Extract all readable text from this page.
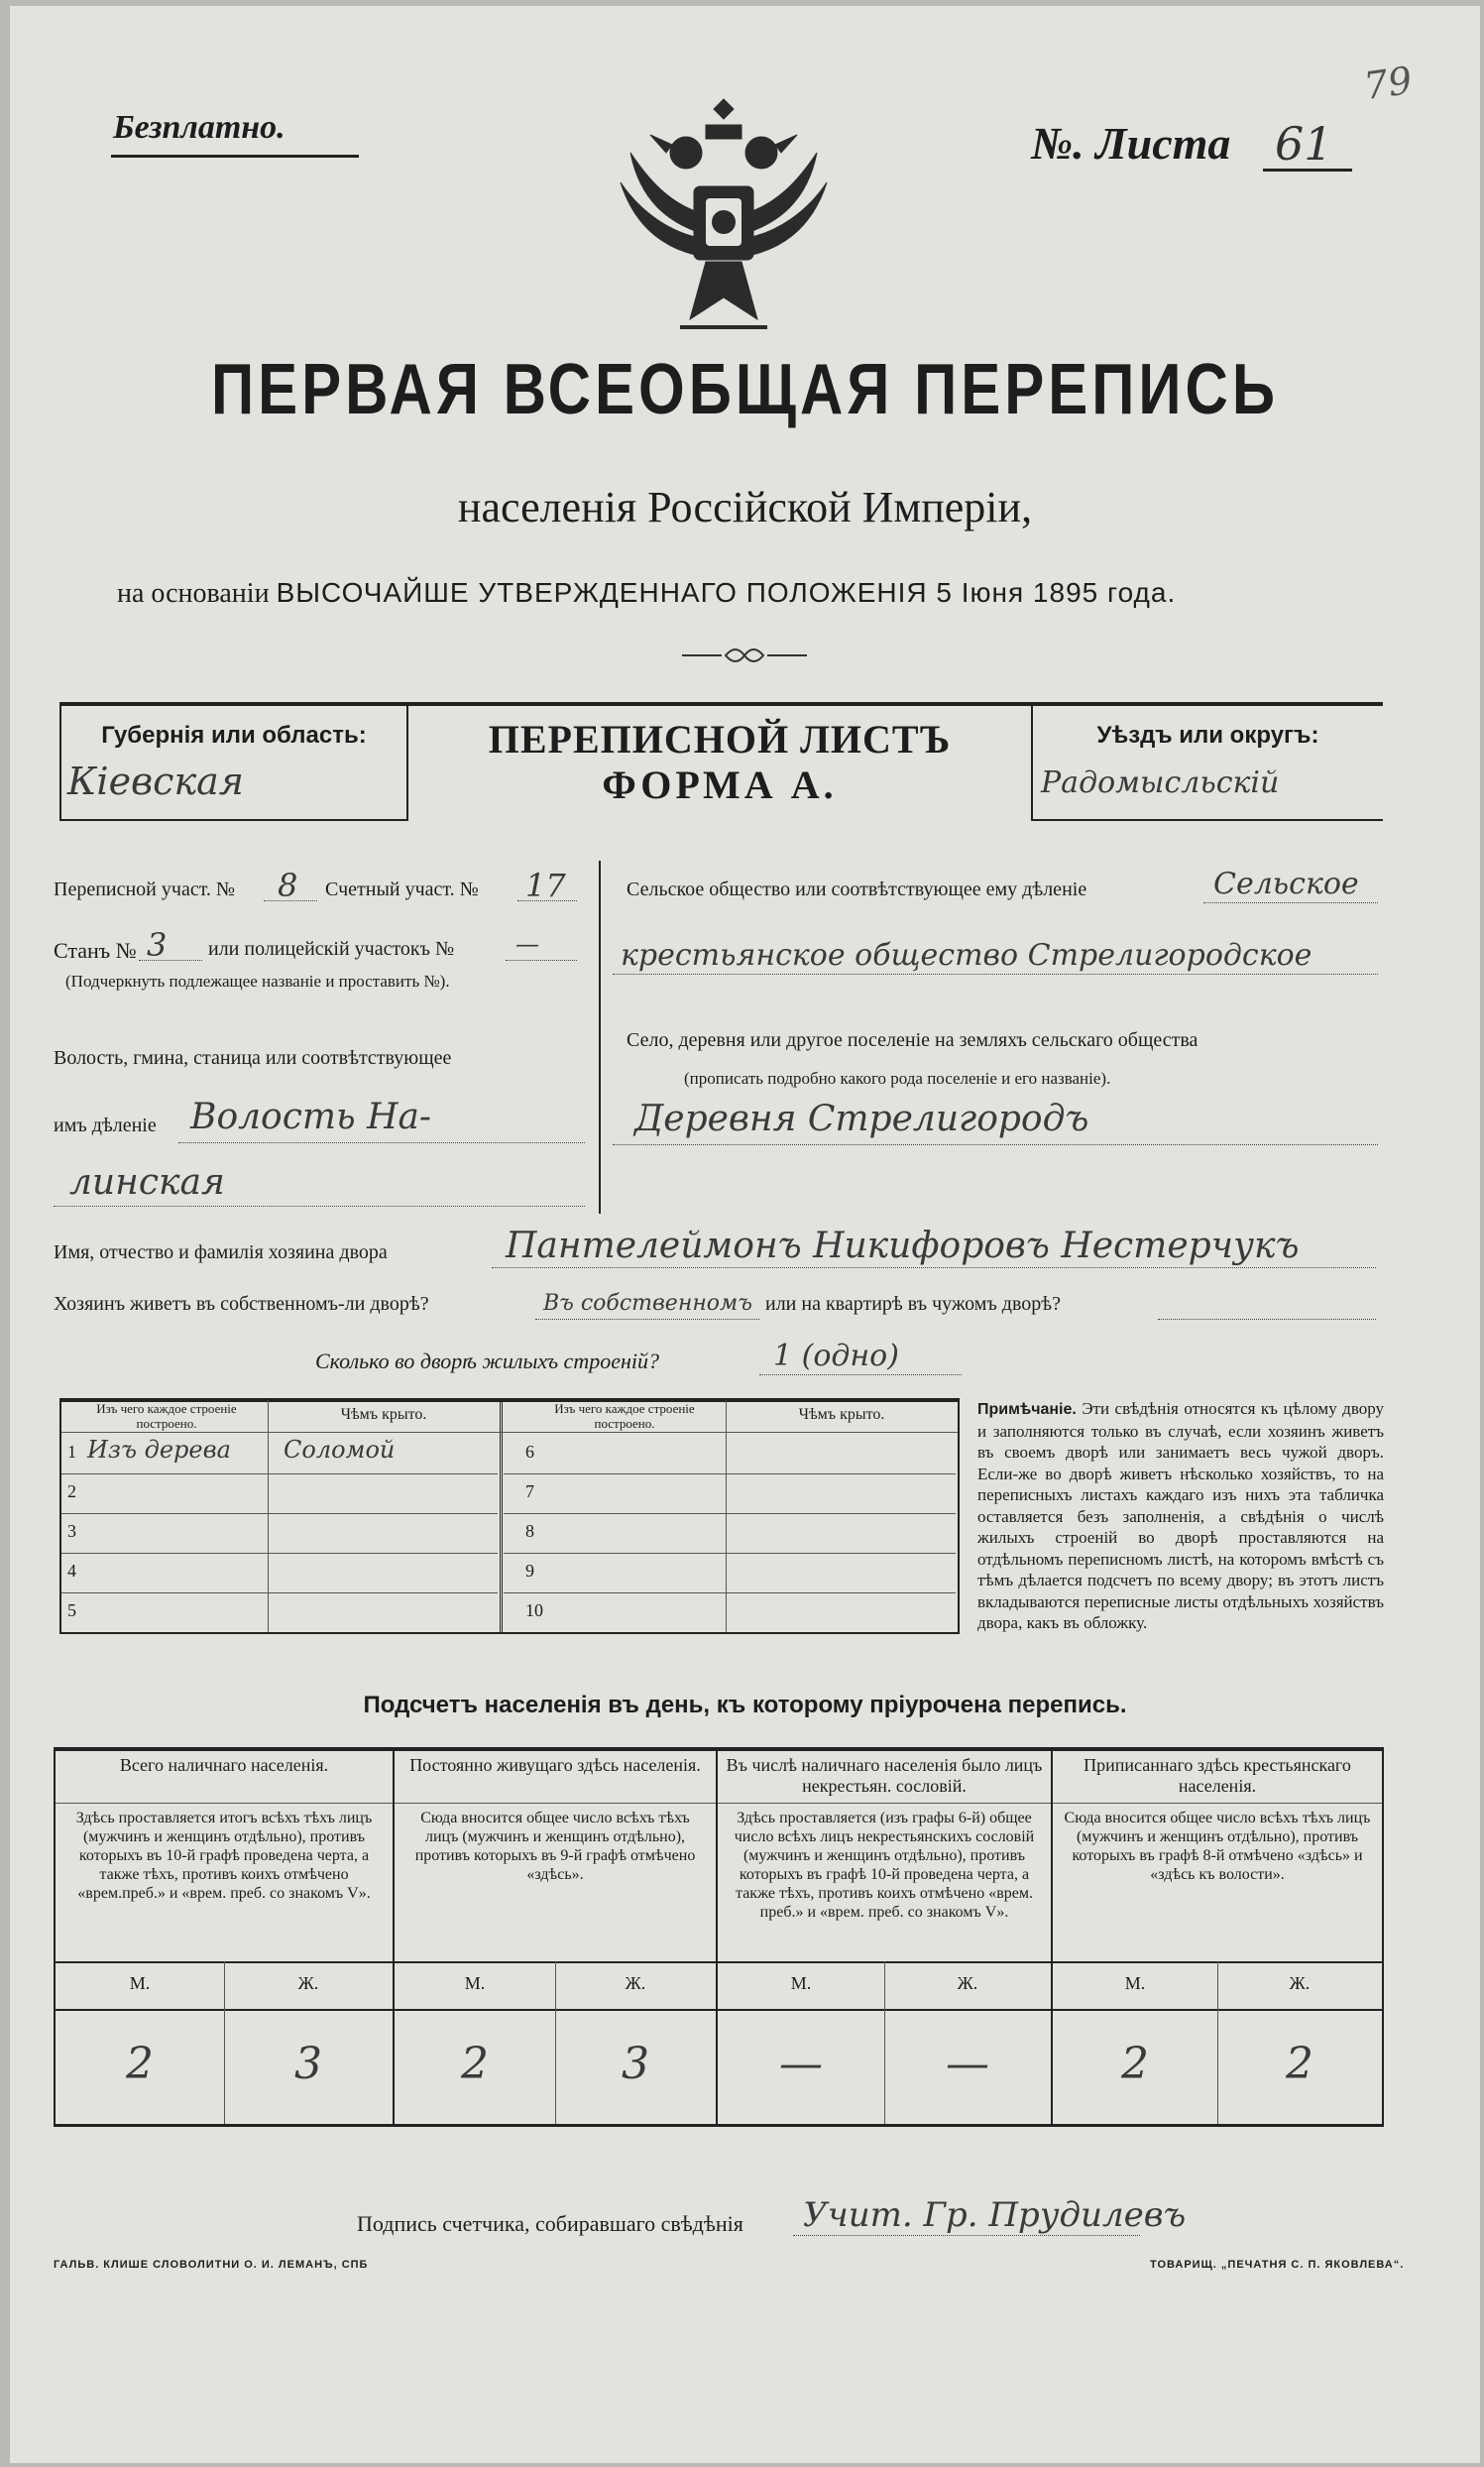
79
Безплатно.	№. Листа 61
ПЕРВАЯ ВСЕОБЩАЯ ПЕРЕПИСЬ
населенія Россійской Имперіи,
на основаніи ВЫСОЧАЙШЕ УТВЕРЖДЕННАГО ПОЛОЖЕНІЯ 5 Іюня 1895 года.
Губернія или область:
Кіевская
ПЕРЕПИСНОЙ ЛИСТЪ
ФОРМА А.
Уѣздъ или округъ:
Радомысльскій
Переписной участ. № 8 Счетный участ. № 17
Станъ № 3 или полицейскій участокъ №	—
(Подчеркнуть подлежащее названіе и проставить №).
Волость, гмина, станица или соотвѣтствующее
имъ дѣленіе Волость На-
линская
Сельское общество или соотвѣтствующее ему дѣленіе	Сельское
крестьянское общество Стрелигородское
Село, деревня или другое поселеніе на земляхъ сельскаго общества
(прописать подробно какого рода поселеніе и его названіе).
Деревня Стрелигородъ
Имя, отчество и фамилія хозяина двора	Пантелеймонъ Никифоровъ Нестерчукъ
Хозяинъ живетъ въ собственномъ-ли дворѣ?	Въ собственномъ или на квартирѣ въ чужомъ дворѣ?
Сколько во дворѣ жилыхъ строеній?	1 (одно)
Изъ чего каждое строеніе построено.
Чѣмъ крыто.	Изъ чего каждое строеніе построено.
Чѣмъ крыто.
1 Изъ дерева Соломой
2
3
4
5
6
7
8
9
10
Примѣчаніе. Эти свѣдѣнія относятся къ цѣлому двору и заполняются только въ случаѣ, если хозяинъ живетъ въ своемъ дворѣ или занимаетъ весь чужой дворъ. Если-же во дворѣ живетъ нѣсколько хозяйствъ, то на переписныхъ листахъ каждаго изъ нихъ эта табличка оставляется безъ заполненія, а свѣдѣнія о числѣ жилыхъ строеній во дворѣ проставляются на отдѣльномъ переписномъ листѣ, на которомъ вмѣстѣ съ тѣмъ дѣлается подсчетъ по всему двору; въ этотъ листъ вкладываются переписные листы отдѣльныхъ хозяйствъ двора, какъ въ обложку.
Подсчетъ населенія въ день, къ которому пріурочена перепись.
Всего наличнаго населенія.
Здѣсь проставляется итогъ всѣхъ тѣхъ лицъ (мужчинъ и женщинъ отдѣльно), противъ которыхъ въ 10-й графѣ проведена черта, а также тѣхъ, противъ коихъ отмѣчено «врем.преб.» и «врем. преб. со знакомъ V».
М.	Ж.
2	3
Постоянно живущаго здѣсь населенія.
Сюда вносится общее число всѣхъ тѣхъ лицъ (мужчинъ и женщинъ отдѣльно), противъ которыхъ въ 9-й графѣ отмѣчено «здѣсь».
М.	Ж.
2	3
Въ числѣ наличнаго населенія было лицъ некрестьян. сословій.
Здѣсь проставляется (изъ графы 6-й) общее число всѣхъ лицъ некрестьянскихъ сословій (мужчинъ и женщинъ отдѣльно), противъ которыхъ въ графѣ 10-й проведена черта, а также тѣхъ, противъ коихъ отмѣчено «врем. преб.» и «врем. преб. со знакомъ V».
М.	Ж.
—	—
Приписаннаго здѣсь крестьянскаго населенія.
Сюда вносится общее число всѣхъ тѣхъ лицъ (мужчинъ и женщинъ отдѣльно), противъ которыхъ въ графѣ 8-й отмѣчено «здѣсь» и «здѣсь къ волости».
М.	Ж.
2	2
Подпись счетчика, собиравшаго свѣдѣнія Учит. Гр. Прудилевъ
ГАЛЬВ. КЛИШЕ СЛОВОЛИТНИ О. И. ЛЕМАНЪ, СПБ	ТОВАРИЩ. „ПЕЧАТНЯ С. П. ЯКОВЛЕВА“.
